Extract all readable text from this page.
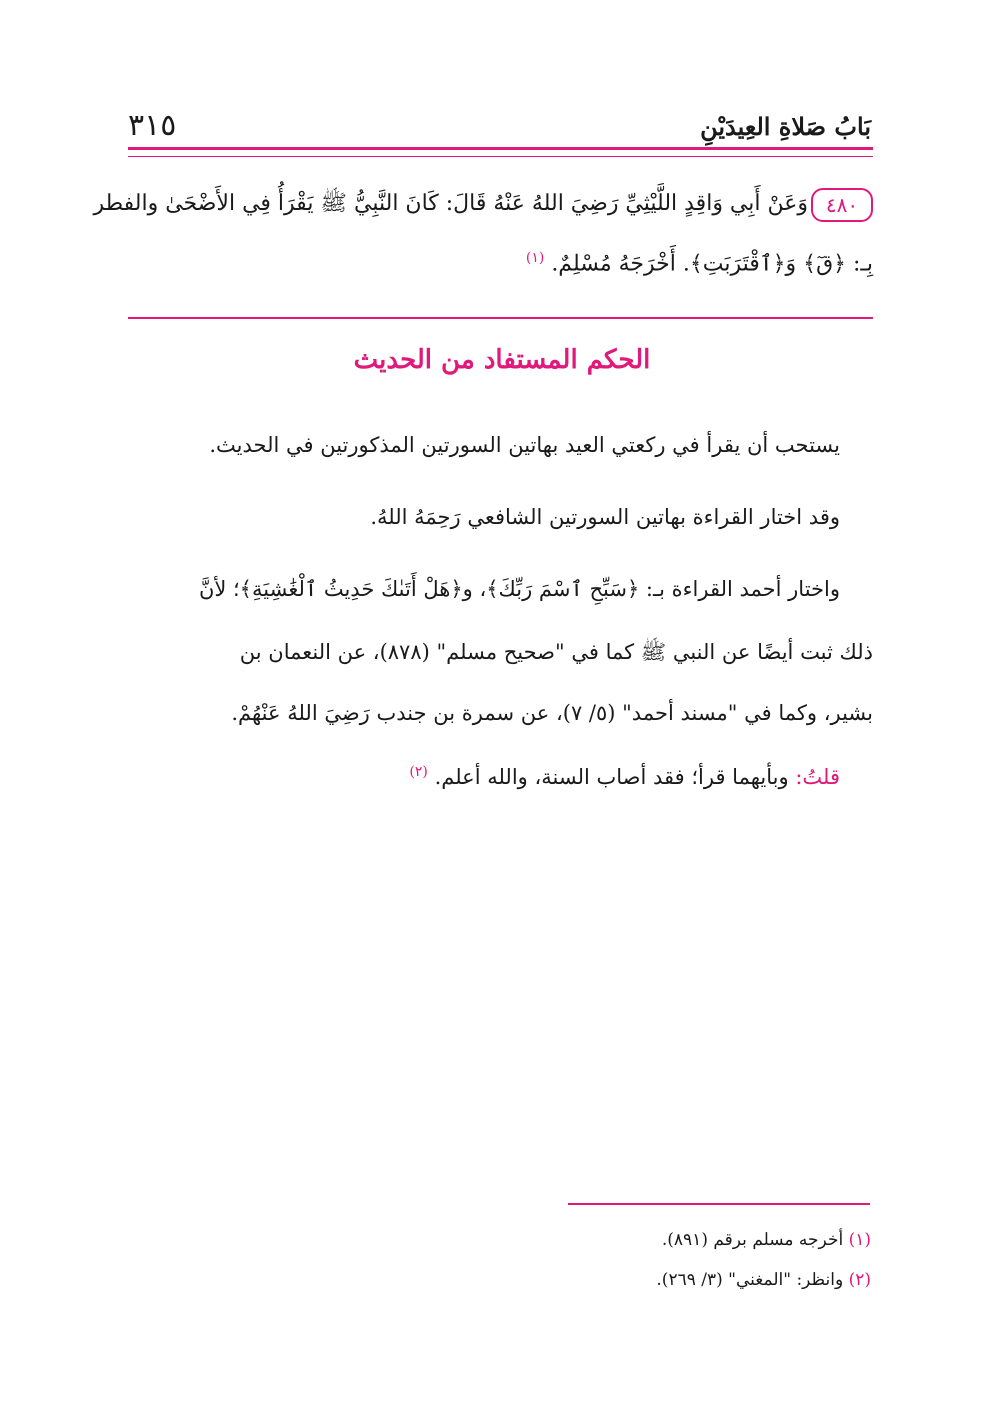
٣١٥	بَابُ صَلاةِ العِيدَيْنِ
٤٨٠
وَعَنْ أَبِي وَاقِدٍ اللَّيْثِيِّ رَضِيَ اللهُ عَنْهُ قَالَ: كَانَ النَّبِيُّ ﷺ يَقْرَأُ فِي الأَضْحَىٰ والفطر
بِـ: ﴿قٓ﴾ وَ﴿ٱقْتَرَبَتِ﴾. أَخْرَجَهُ مُسْلِمٌ. $^{(١)}$
الحكم المستفاد من الحديث
يستحب أن يقرأ في ركعتي العيد بهاتين السورتين المذكورتين في الحديث.
وقد اختار القراءة بهاتين السورتين الشافعي رَحِمَهُ اللهُ.
واختار أحمد القراءة بـ: ﴿سَبِّحِ ٱسْمَ رَبِّكَ﴾، و﴿هَلْ أَتَىٰكَ حَدِيثُ ٱلْغَٰشِيَةِ﴾؛ لأنَّ
ذلك ثبت أيضًا عن النبي ﷺ كما في "صحيح مسلم" (٨٧٨)، عن النعمان بن
بشير، وكما في "مسند أحمد" (٥/ ٧)، عن سمرة بن جندب رَضِيَ اللهُ عَنْهُمْ.
قلتُ: وبأيهما قرأ؛ فقد أصاب السنة، والله أعلم. $^{(٢)}$
(١) أخرجه مسلم برقم (٨٩١).
(٢) وانظر: "المغني" (٣/ ٢٦٩).
